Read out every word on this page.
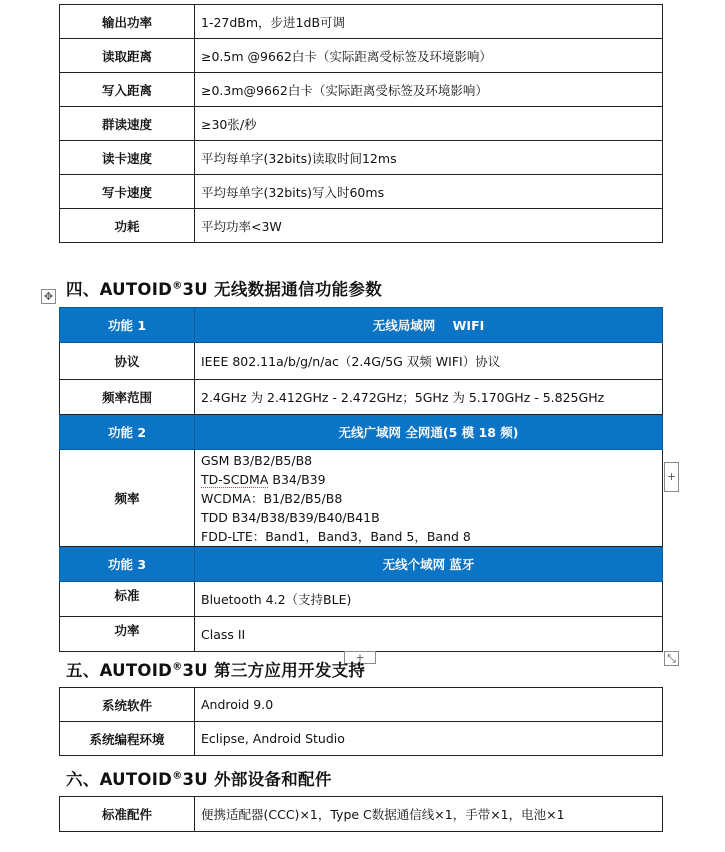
输出功率	1-27dBm，步进1dB可调
读取距离	≥0.5m @9662白卡（实际距离受标签及环境影响）
写入距离	≥0.3m@9662白卡（实际距离受标签及环境影响）
群读速度	≥30张/秒
读卡速度	平均每单字(32bits)读取时间12ms
写卡速度	平均每单字(32bits)写入时60ms
功耗	平均功率<3W
✥ 四、AUTOID®3U 无线数据通信功能参数
功能 1	无线局域网    WIFI
协议	IEEE 802.11a/b/g/n/ac（2.4G/5G 双频 WIFI）协议
频率范围	2.4GHz 为 2.412GHz - 2.472GHz；5GHz 为 5.170GHz - 5.825GHz
功能 2	无线广域网 全网通(5 模 18 频)
频率	GSM B3/B2/B5/B8
TD-SCDMA B34/B39
WCDMA：B1/B2/B5/B8
TDD B34/B38/B39/B40/B41B
FDD-LTE：Band1，Band3，Band 5，Band 8

功能 3	无线个域网 蓝牙
标准	Bluetooth 4.2（支持BLE)
功率	Class II
+
+	⤡
五、AUTOID®3U 第三方应用开发支持
系统软件	Android 9.0
系统编程环境	Eclipse, Android Studio
六、AUTOID®3U 外部设备和配件
标准配件	便携适配器(CCC)×1，Type C数据通信线×1，手带×1，电池×1
